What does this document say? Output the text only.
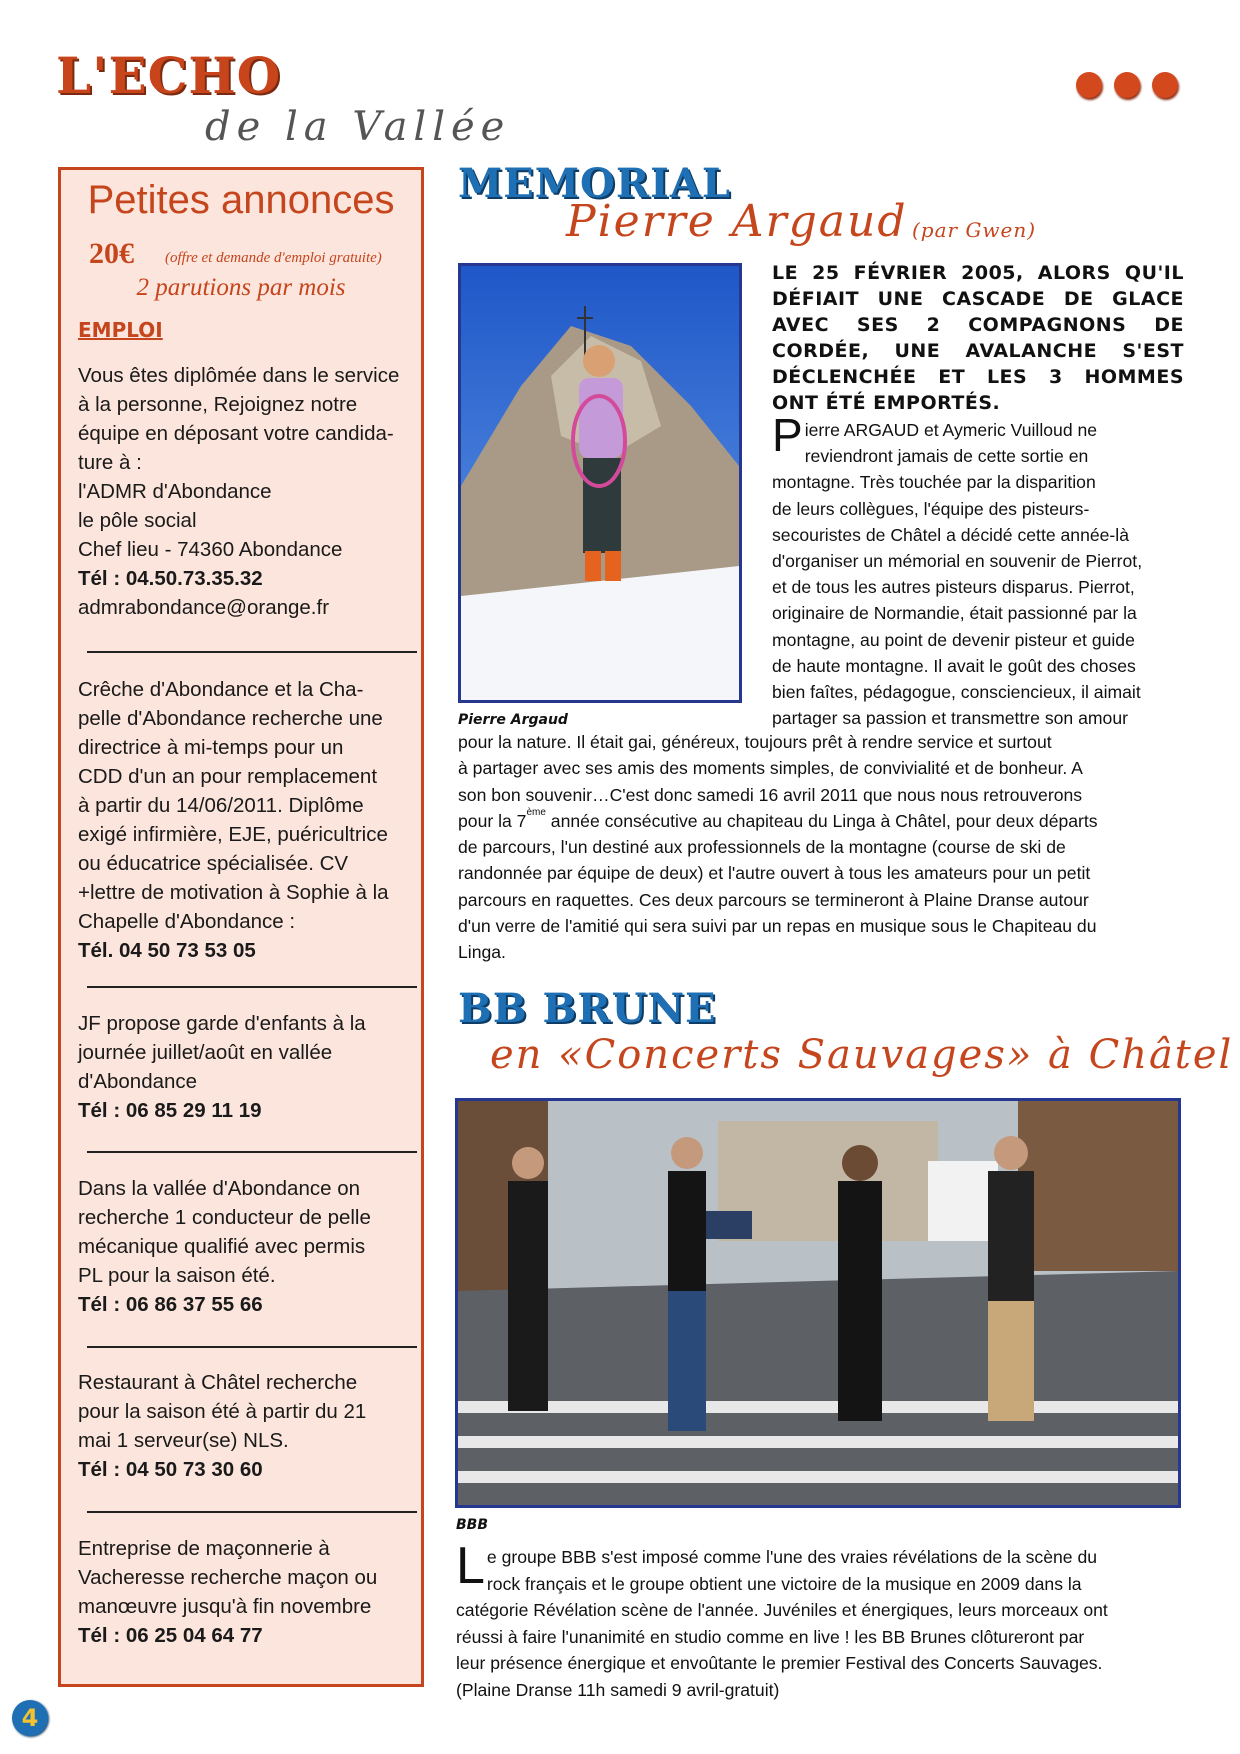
L'ECHO
de la Vallée
Petites annonces
20€ (offre et demande d'emploi gratuite)
2 parutions par mois
EMPLOI
Vous êtes diplômée dans le service
à la personne, Rejoignez notre
équipe en déposant votre candida-
ture à :
l'ADMR d'Abondance
le pôle social
Chef lieu - 74360 Abondance
Tél : 04.50.73.35.32
admrabondance@orange.fr
Crêche d'Abondance et la Cha-
pelle d'Abondance recherche une
directrice à mi-temps pour un
CDD d'un an pour remplacement
à partir du 14/06/2011. Diplôme
exigé infirmière, EJE, puéricultrice
ou éducatrice spécialisée. CV
+lettre de motivation à Sophie à la
Chapelle d'Abondance :
Tél. 04 50 73 53 05
JF propose garde d'enfants à la
journée juillet/août en vallée
d'Abondance
Tél : 06 85 29 11 19
Dans la vallée d'Abondance on
recherche 1 conducteur de pelle
mécanique qualifié avec permis
PL pour la saison été.
Tél : 06 86 37 55 66
Restaurant à Châtel recherche
pour la saison été à partir du 21
mai 1 serveur(se) NLS.
Tél : 04 50 73 30 60
Entreprise de maçonnerie à
Vacheresse recherche maçon ou
manœuvre jusqu'à fin novembre
Tél : 06 25 04 64 77
MEMORIAL
Pierre Argaud (par Gwen)
Pierre Argaud
LE 25 FÉVRIER 2005, ALORS QU'IL
DÉFIAIT UNE CASCADE DE GLACE
AVEC SES 2 COMPAGNONS DE
CORDÉE, UNE AVALANCHE S'EST
DÉCLENCHÉE ET LES 3 HOMMES
ONT ÉTÉ EMPORTÉS.
P ierre ARGAUD et Aymeric Vuilloud ne
reviendront jamais de cette sortie en
montagne. Très touchée par la disparition
de leurs collègues, l'équipe des pisteurs-
secouristes de Châtel a décidé cette année-là
d'organiser un mémorial en souvenir de Pierrot,
et de tous les autres pisteurs disparus. Pierrot,
originaire de Normandie, était passionné par la
montagne, au point de devenir pisteur et guide
de haute montagne. Il avait le goût des choses
bien faîtes, pédagogue, consciencieux, il aimait
partager sa passion et transmettre son amour
pour la nature. Il était gai, généreux, toujours prêt à rendre service et surtout
à partager avec ses amis des moments simples, de convivialité et de bonheur. A
son bon souvenir…C'est donc samedi 16 avril 2011 que nous nous retrouverons
pour la 7ème année consécutive au chapiteau du Linga à Châtel, pour deux départs
de parcours, l'un destiné aux professionnels de la montagne (course de ski de
randonnée par équipe de deux) et l'autre ouvert à tous les amateurs pour un petit
parcours en raquettes. Ces deux parcours se termineront à Plaine Dranse autour
d'un verre de l'amitié qui sera suivi par un repas en musique sous le Chapiteau du
Linga.
BB BRUNE
en «Concerts Sauvages» à Châtel
BBB
L e groupe BBB s'est imposé comme l'une des vraies révélations de la scène du
rock français et le groupe obtient une victoire de la musique en 2009 dans la
catégorie Révélation scène de l'année. Juvéniles et énergiques, leurs morceaux ont
réussi à faire l'unanimité en studio comme en live ! les BB Brunes clôtureront par
leur présence énergique et envoûtante le premier Festival des Concerts Sauvages.
(Plaine Dranse 11h samedi 9 avril-gratuit)
4
